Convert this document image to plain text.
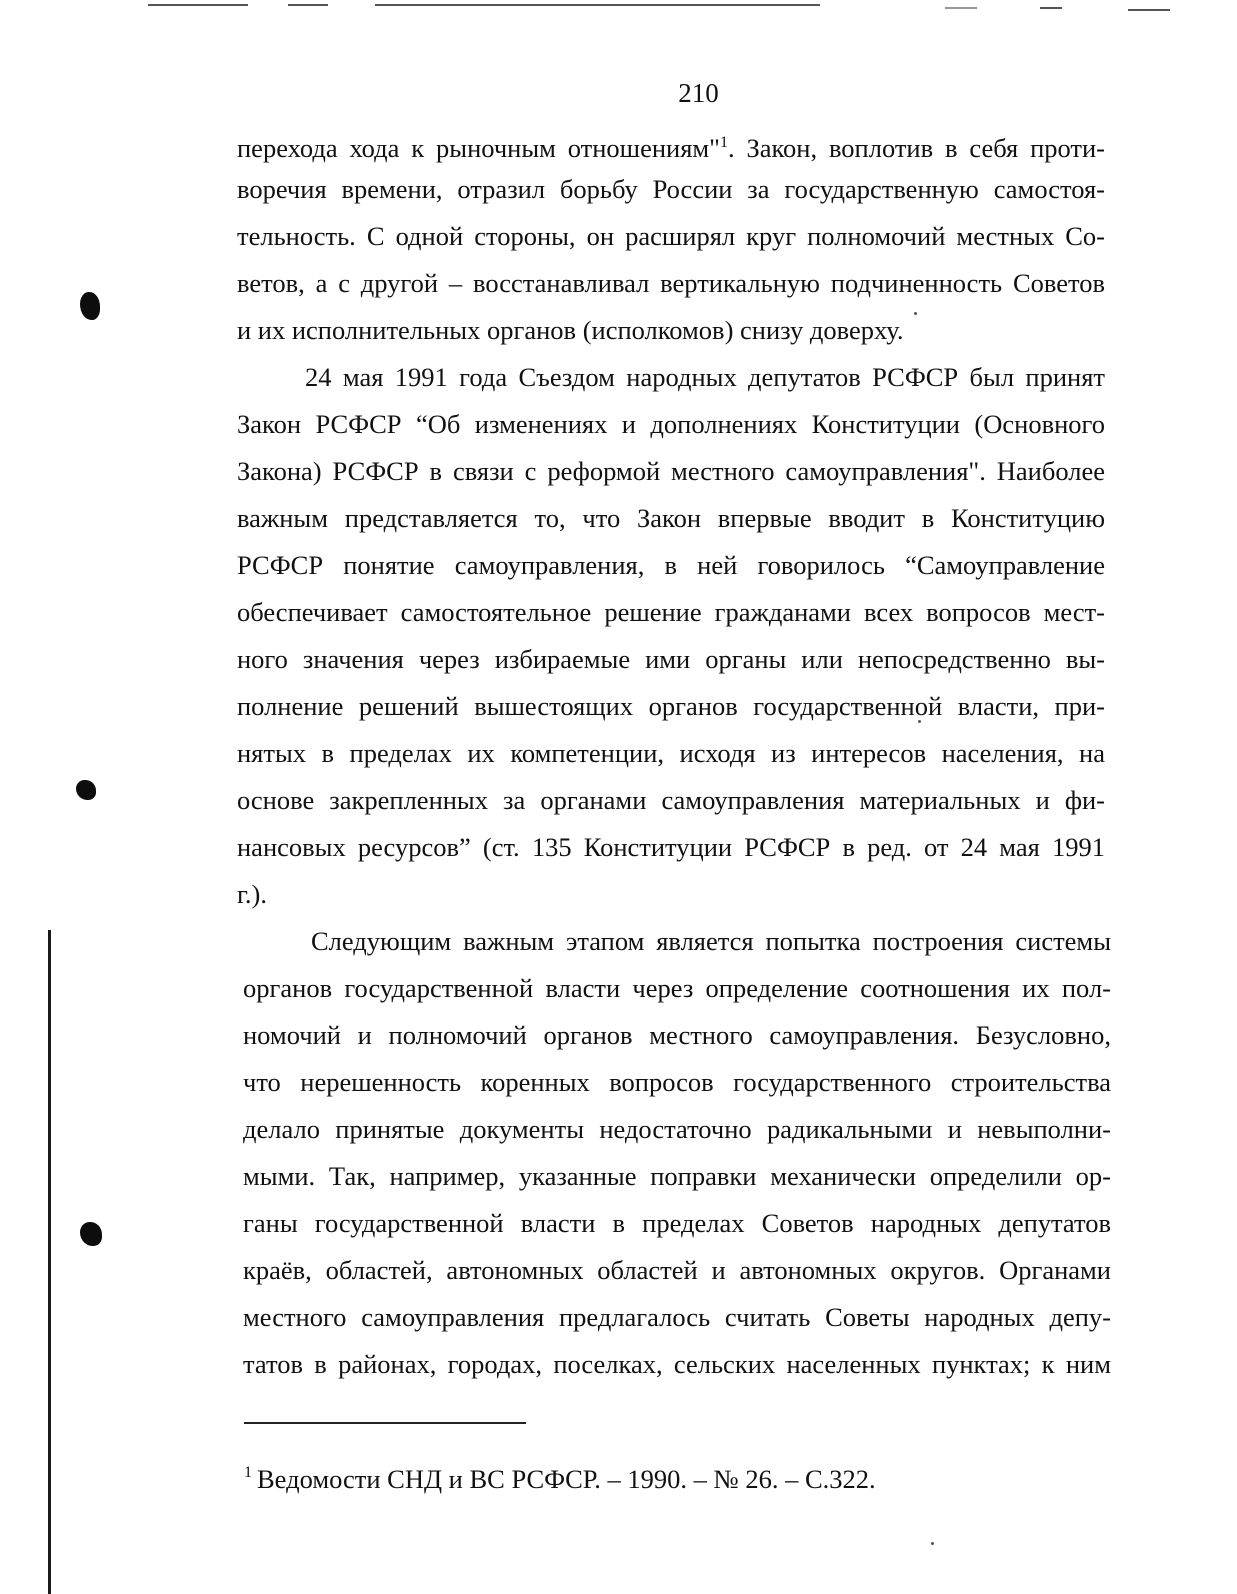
210
перехода хода к рыночным отношениям"$^1$. Закон, воплотив в себя проти-
воречия времени, отразил борьбу России за государственную самостоя-
тельность. С одной стороны, он расширял круг полномочий местных Со-
ветов, а с другой – восстанавливал вертикальную подчиненность Советов
и их исполнительных органов (исполкомов) снизу доверху.
24 мая 1991 года Съездом народных депутатов РСФСР был принят
Закон РСФСР “Об изменениях и дополнениях Конституции (Основного
Закона) РСФСР в связи с реформой местного самоуправления". Наиболее
важным представляется то, что Закон впервые вводит в Конституцию
РСФСР понятие самоуправления, в ней говорилось “Самоуправление
обеспечивает самостоятельное решение гражданами всех вопросов мест-
ного значения через избираемые ими органы или непосредственно вы-
полнение решений вышестоящих органов государственной власти, при-
нятых в пределах их компетенции, исходя из интересов населения, на
основе закрепленных за органами самоуправления материальных и фи-
нансовых ресурсов” (ст. 135 Конституции РСФСР в ред. от 24 мая 1991
г.).
Следующим важным этапом является попытка построения системы
органов государственной власти через определение соотношения их пол-
номочий и полномочий органов местного самоуправления. Безусловно,
что нерешенность коренных вопросов государственного строительства
делало принятые документы недостаточно радикальными и невыполни-
мыми. Так, например, указанные поправки механически определили ор-
ганы государственной власти в пределах Советов народных депутатов
краёв, областей, автономных областей и автономных округов. Органами
местного самоуправления предлагалось считать Советы народных депу-
татов в районах, городах, поселках, сельских населенных пунктах; к ним
$^1$ Ведомости СНД и ВС РСФСР. – 1990. – № 26. – С.322.
